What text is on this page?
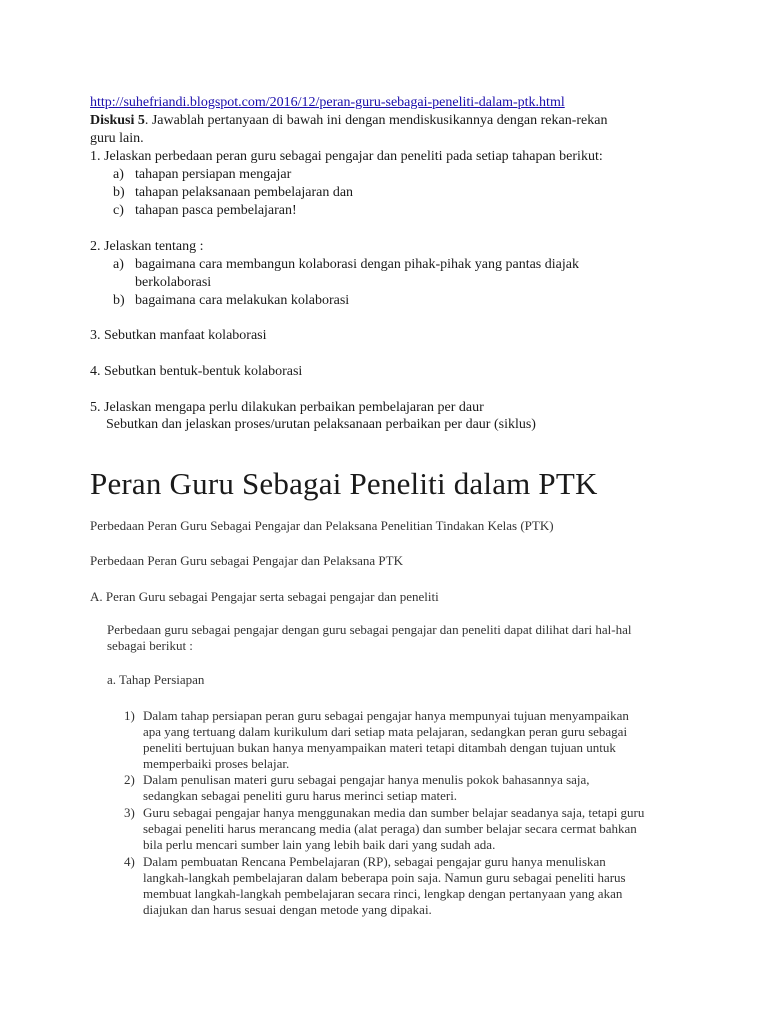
http://suhefriandi.blogspot.com/2016/12/peran-guru-sebagai-peneliti-dalam-ptk.html
Diskusi 5. Jawablah pertanyaan di bawah ini dengan mendiskusikannya dengan rekan-rekan
guru lain.
1. Jelaskan perbedaan peran guru sebagai pengajar dan peneliti pada setiap tahapan berikut:
a) tahapan persiapan mengajar
b) tahapan pelaksanaan pembelajaran dan
c) tahapan pasca pembelajaran!
2. Jelaskan tentang :
a) bagaimana cara membangun kolaborasi dengan pihak-pihak yang pantas diajak
berkolaborasi
b) bagaimana cara melakukan kolaborasi
3. Sebutkan manfaat kolaborasi
4. Sebutkan bentuk-bentuk kolaborasi
5. Jelaskan mengapa perlu dilakukan perbaikan pembelajaran per daur
Sebutkan dan jelaskan proses/urutan pelaksanaan perbaikan per daur (siklus)
Peran Guru Sebagai Peneliti dalam PTK
Perbedaan Peran Guru Sebagai Pengajar dan Pelaksana Penelitian Tindakan Kelas (PTK)
Perbedaan Peran Guru sebagai Pengajar dan Pelaksana PTK
A. Peran Guru sebagai Pengajar serta sebagai pengajar dan peneliti
Perbedaan guru sebagai pengajar dengan guru sebagai pengajar dan peneliti dapat dilihat dari hal-hal
sebagai berikut :
a. Tahap Persiapan
1) Dalam tahap persiapan peran guru sebagai pengajar hanya mempunyai tujuan menyampaikan
apa yang tertuang dalam kurikulum dari setiap mata pelajaran, sedangkan peran guru sebagai
peneliti bertujuan bukan hanya menyampaikan materi tetapi ditambah dengan tujuan untuk
memperbaiki proses belajar.
2) Dalam penulisan materi guru sebagai pengajar hanya menulis pokok bahasannya saja,
sedangkan sebagai peneliti guru harus merinci setiap materi.
3) Guru sebagai pengajar hanya menggunakan media dan sumber belajar seadanya saja, tetapi guru
sebagai peneliti harus merancang media (alat peraga) dan sumber belajar secara cermat bahkan
bila perlu mencari sumber lain yang lebih baik dari yang sudah ada.
4) Dalam pembuatan Rencana Pembelajaran (RP), sebagai pengajar guru hanya menuliskan
langkah-langkah pembelajaran dalam beberapa poin saja. Namun guru sebagai peneliti harus
membuat langkah-langkah pembelajaran secara rinci, lengkap dengan pertanyaan yang akan
diajukan dan harus sesuai dengan metode yang dipakai.
